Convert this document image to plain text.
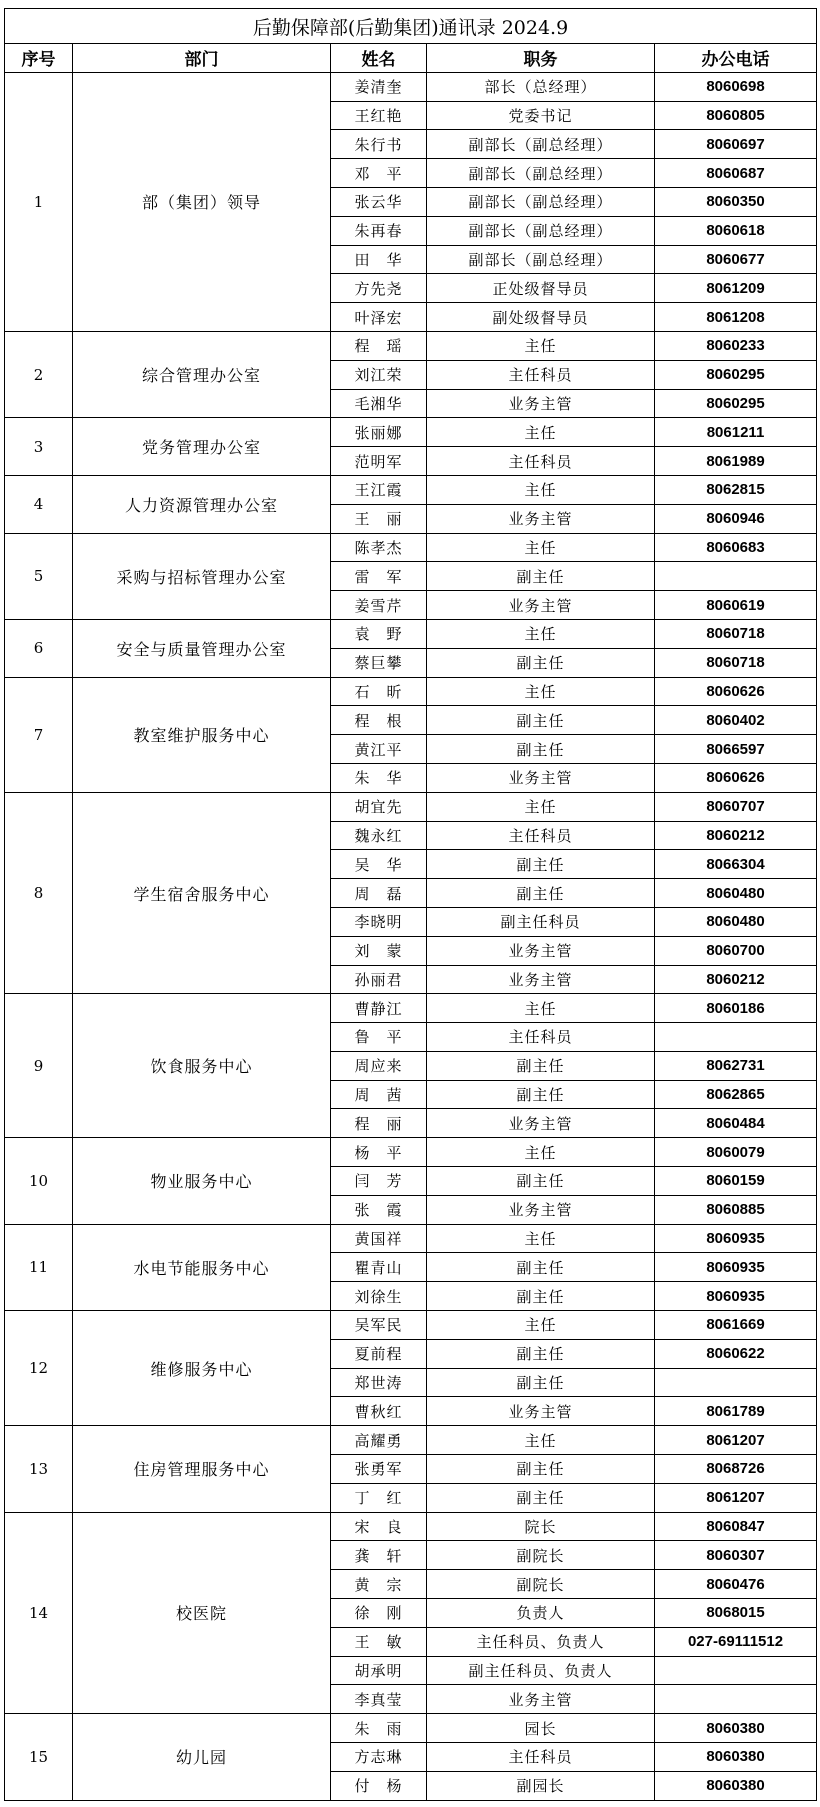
后勤保障部(后勤集团)通讯录 2024.9				
序号	部门	姓名	职务	办公电话
1	部（集团）领导	姜清奎	部长（总经理）	8060698
		王红艳	党委书记	8060805
		朱行书	副部长（副总经理）	8060697
		邓　平	副部长（副总经理）	8060687
		张云华	副部长（副总经理）	8060350
		朱再春	副部长（副总经理）	8060618
		田　华	副部长（副总经理）	8060677
		方先尧	正处级督导员	8061209
		叶泽宏	副处级督导员	8061208
2	综合管理办公室	程　瑶	主任	8060233
		刘江荣	主任科员	8060295
		毛湘华	业务主管	8060295
3	党务管理办公室	张丽娜	主任	8061211
		范明军	主任科员	8061989
4	人力资源管理办公室	王江霞	主任	8062815
		王　丽	业务主管	8060946
5	采购与招标管理办公室	陈孝杰	主任	8060683
		雷　军	副主任	
		姜雪芹	业务主管	8060619
6	安全与质量管理办公室	袁　野	主任	8060718
		蔡巨攀	副主任	8060718
7	教室维护服务中心	石　昕	主任	8060626
		程　根	副主任	8060402
		黄江平	副主任	8066597
		朱　华	业务主管	8060626
8	学生宿舍服务中心	胡宜先	主任	8060707
		魏永红	主任科员	8060212
		吴　华	副主任	8066304
		周　磊	副主任	8060480
		李晓明	副主任科员	8060480
		刘　蒙	业务主管	8060700
		孙丽君	业务主管	8060212
9	饮食服务中心	曹静江	主任	8060186
		鲁　平	主任科员	
		周应来	副主任	8062731
		周　茜	副主任	8062865
		程　丽	业务主管	8060484
10	物业服务中心	杨　平	主任	8060079
		闫　芳	副主任	8060159
		张　霞	业务主管	8060885
11	水电节能服务中心	黄国祥	主任	8060935
		瞿青山	副主任	8060935
		刘徐生	副主任	8060935
12	维修服务中心	吴军民	主任	8061669
		夏前程	副主任	8060622
		郑世涛	副主任	
		曹秋红	业务主管	8061789
13	住房管理服务中心	高耀勇	主任	8061207
		张勇军	副主任	8068726
		丁　红	副主任	8061207
14	校医院	宋　良	院长	8060847
		龚　轩	副院长	8060307
		黄　宗	副院长	8060476
		徐　刚	负责人	8068015
		王　敏	主任科员、负责人	027-69111512
		胡承明	副主任科员、负责人	
		李真莹	业务主管	
15	幼儿园	朱　雨	园长	8060380
		方志琳	主任科员	8060380
		付　杨	副园长	8060380
